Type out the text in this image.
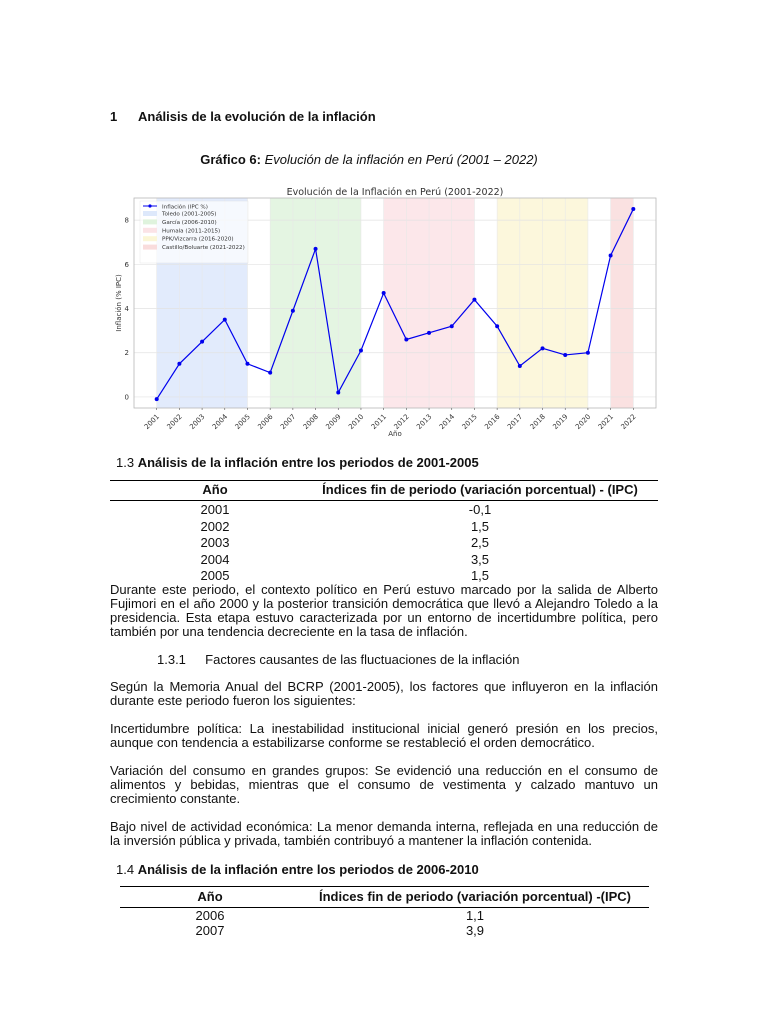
1 Análisis de la evolución de la inflación
Gráfico 6: Evolución de la inflación en Perú (2001 – 2022)
0
2
4
6
8
2001 2002 2003 2004 2005 2006 2007 2008 2009 2010 2011 2012 2013 2014 2015 2016 2017 2018 2019 2020 2021 2022
Evolución de la Inflación en Perú (2001-2022)
Año
Inflación (% IPC)
Inflación (IPC %)
Toledo (2001-2005)
García (2006-2010)
Humala (2011-2015)
PPK/Vizcarra (2016-2020)
Castillo/Boluarte (2021-2022)
1.3 Análisis de la inflación entre los periodos de 2001-2005
Año	Índices fin de periodo (variación porcentual) - (IPC)
2001	-0,1
2002	1,5
2003	2,5
2004	3,5
2005	1,5
Durante este periodo, el contexto político en Perú estuvo marcado por la salida de Alberto Fujimori en el año 2000 y la posterior transición democrática que llevó a Alejandro Toledo a la presidencia. Esta etapa estuvo caracterizada por un entorno de incertidumbre política, pero también por una tendencia decreciente en la tasa de inflación.
1.3.1 Factores causantes de las fluctuaciones de la inflación
Según la Memoria Anual del BCRP (2001-2005), los factores que influyeron en la inflación durante este periodo fueron los siguientes:
Incertidumbre política: La inestabilidad institucional inicial generó presión en los precios, aunque con tendencia a estabilizarse conforme se restableció el orden democrático.
Variación del consumo en grandes grupos: Se evidenció una reducción en el consumo de alimentos y bebidas, mientras que el consumo de vestimenta y calzado mantuvo un crecimiento constante.
Bajo nivel de actividad económica: La menor demanda interna, reflejada en una reducción de la inversión pública y privada, también contribuyó a mantener la inflación contenida.
1.4 Análisis de la inflación entre los periodos de 2006-2010
Año	Índices fin de periodo (variación porcentual) -(IPC)
2006	1,1
2007	3,9
